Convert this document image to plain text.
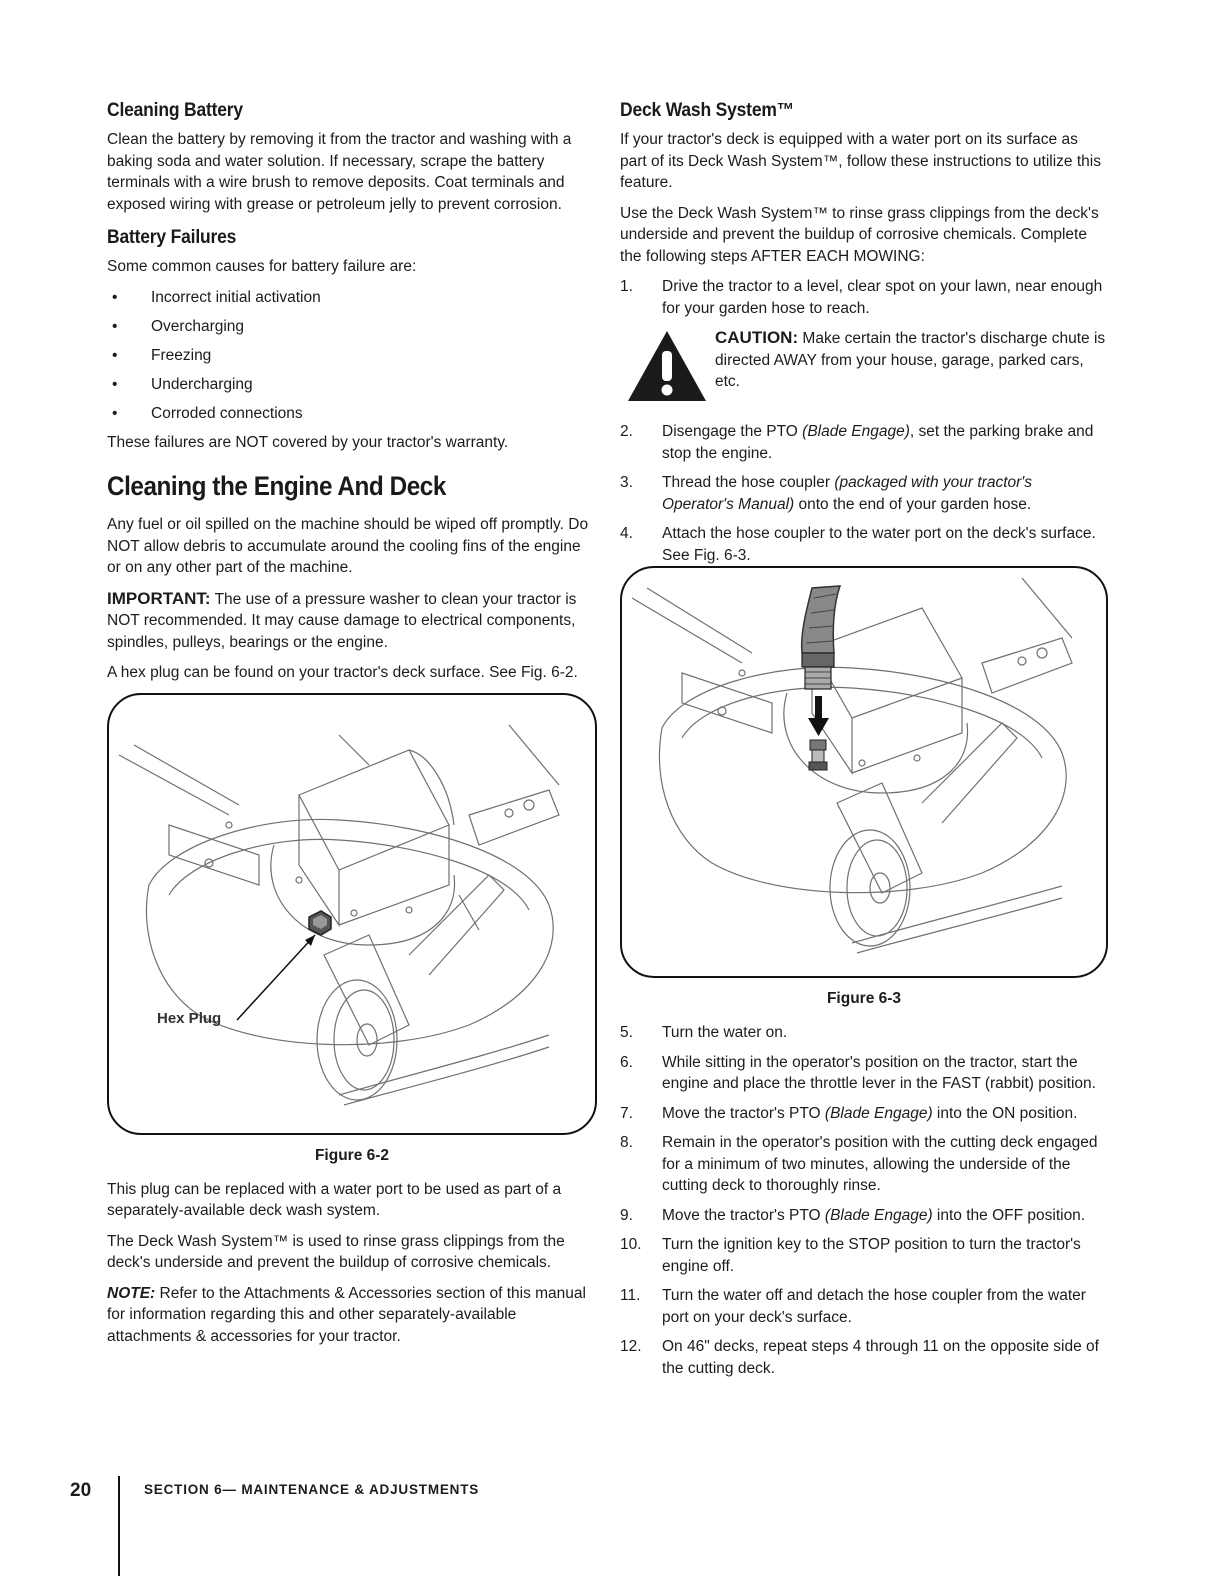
Cleaning Battery

Clean the battery by removing it from the tractor and washing with a baking soda and water solution. If necessary, scrape the battery terminals with a wire brush to remove deposits. Coat terminals and exposed wiring with grease or petroleum jelly to prevent corrosion.

Battery Failures

Some common causes for battery failure are:

• Incorrect initial activation
• Overcharging
• Freezing
• Undercharging
• Corroded connections

These failures are NOT covered by your tractor's warranty.

Cleaning the Engine And Deck

Any fuel or oil spilled on the machine should be wiped off promptly. Do NOT allow debris to accumulate around the cooling fins of the engine or on any other part of the machine.

IMPORTANT: The use of a pressure washer to clean your tractor is NOT recommended. It may cause damage to electrical components, spindles, pulleys, bearings or the engine.

A hex plug can be found on your tractor's deck surface. See Fig. 6-2.

Hex Plug
Figure 6-2

This plug can be replaced with a water port to be used as part of a separately-available deck wash system.

The Deck Wash System™ is used to rinse grass clippings from the deck's underside and prevent the buildup of corrosive chemicals.

NOTE: Refer to the Attachments & Accessories section of this manual for information regarding this and other separately-available attachments & accessories for your tractor.

Deck Wash System™

If your tractor's deck is equipped with a water port on its surface as part of its Deck Wash System™, follow these instructions to utilize this feature.

Use the Deck Wash System™ to rinse grass clippings from the deck's underside and prevent the buildup of corrosive chemicals. Complete the following steps AFTER EACH MOWING:

1. Drive the tractor to a level, clear spot on your lawn, near enough for your garden hose to reach.

CAUTION: Make certain the tractor's discharge chute is directed AWAY from your house, garage, parked cars, etc.

2. Disengage the PTO (Blade Engage), set the parking brake and stop the engine.
3. Thread the hose coupler (packaged with your tractor's Operator's Manual) onto the end of your garden hose.
4. Attach the hose coupler to the water port on the deck's surface. See Fig. 6-3.
Figure 6-3
5. Turn the water on.
6. While sitting in the operator's position on the tractor, start the engine and place the throttle lever in the FAST (rabbit) position.
7. Move the tractor's PTO (Blade Engage) into the ON position.
8. Remain in the operator's position with the cutting deck engaged for a minimum of two minutes, allowing the underside of the cutting deck to thoroughly rinse.
9. Move the tractor's PTO (Blade Engage) into the OFF position.
10. Turn the ignition key to the STOP position to turn the tractor's engine off.
11. Turn the water off and detach the hose coupler from the water port on your deck's surface.
12. On 46" decks, repeat steps 4 through 11 on the opposite side of the cutting deck.
20	SECTION 6— MAINTENANCE & ADJUSTMENTS
